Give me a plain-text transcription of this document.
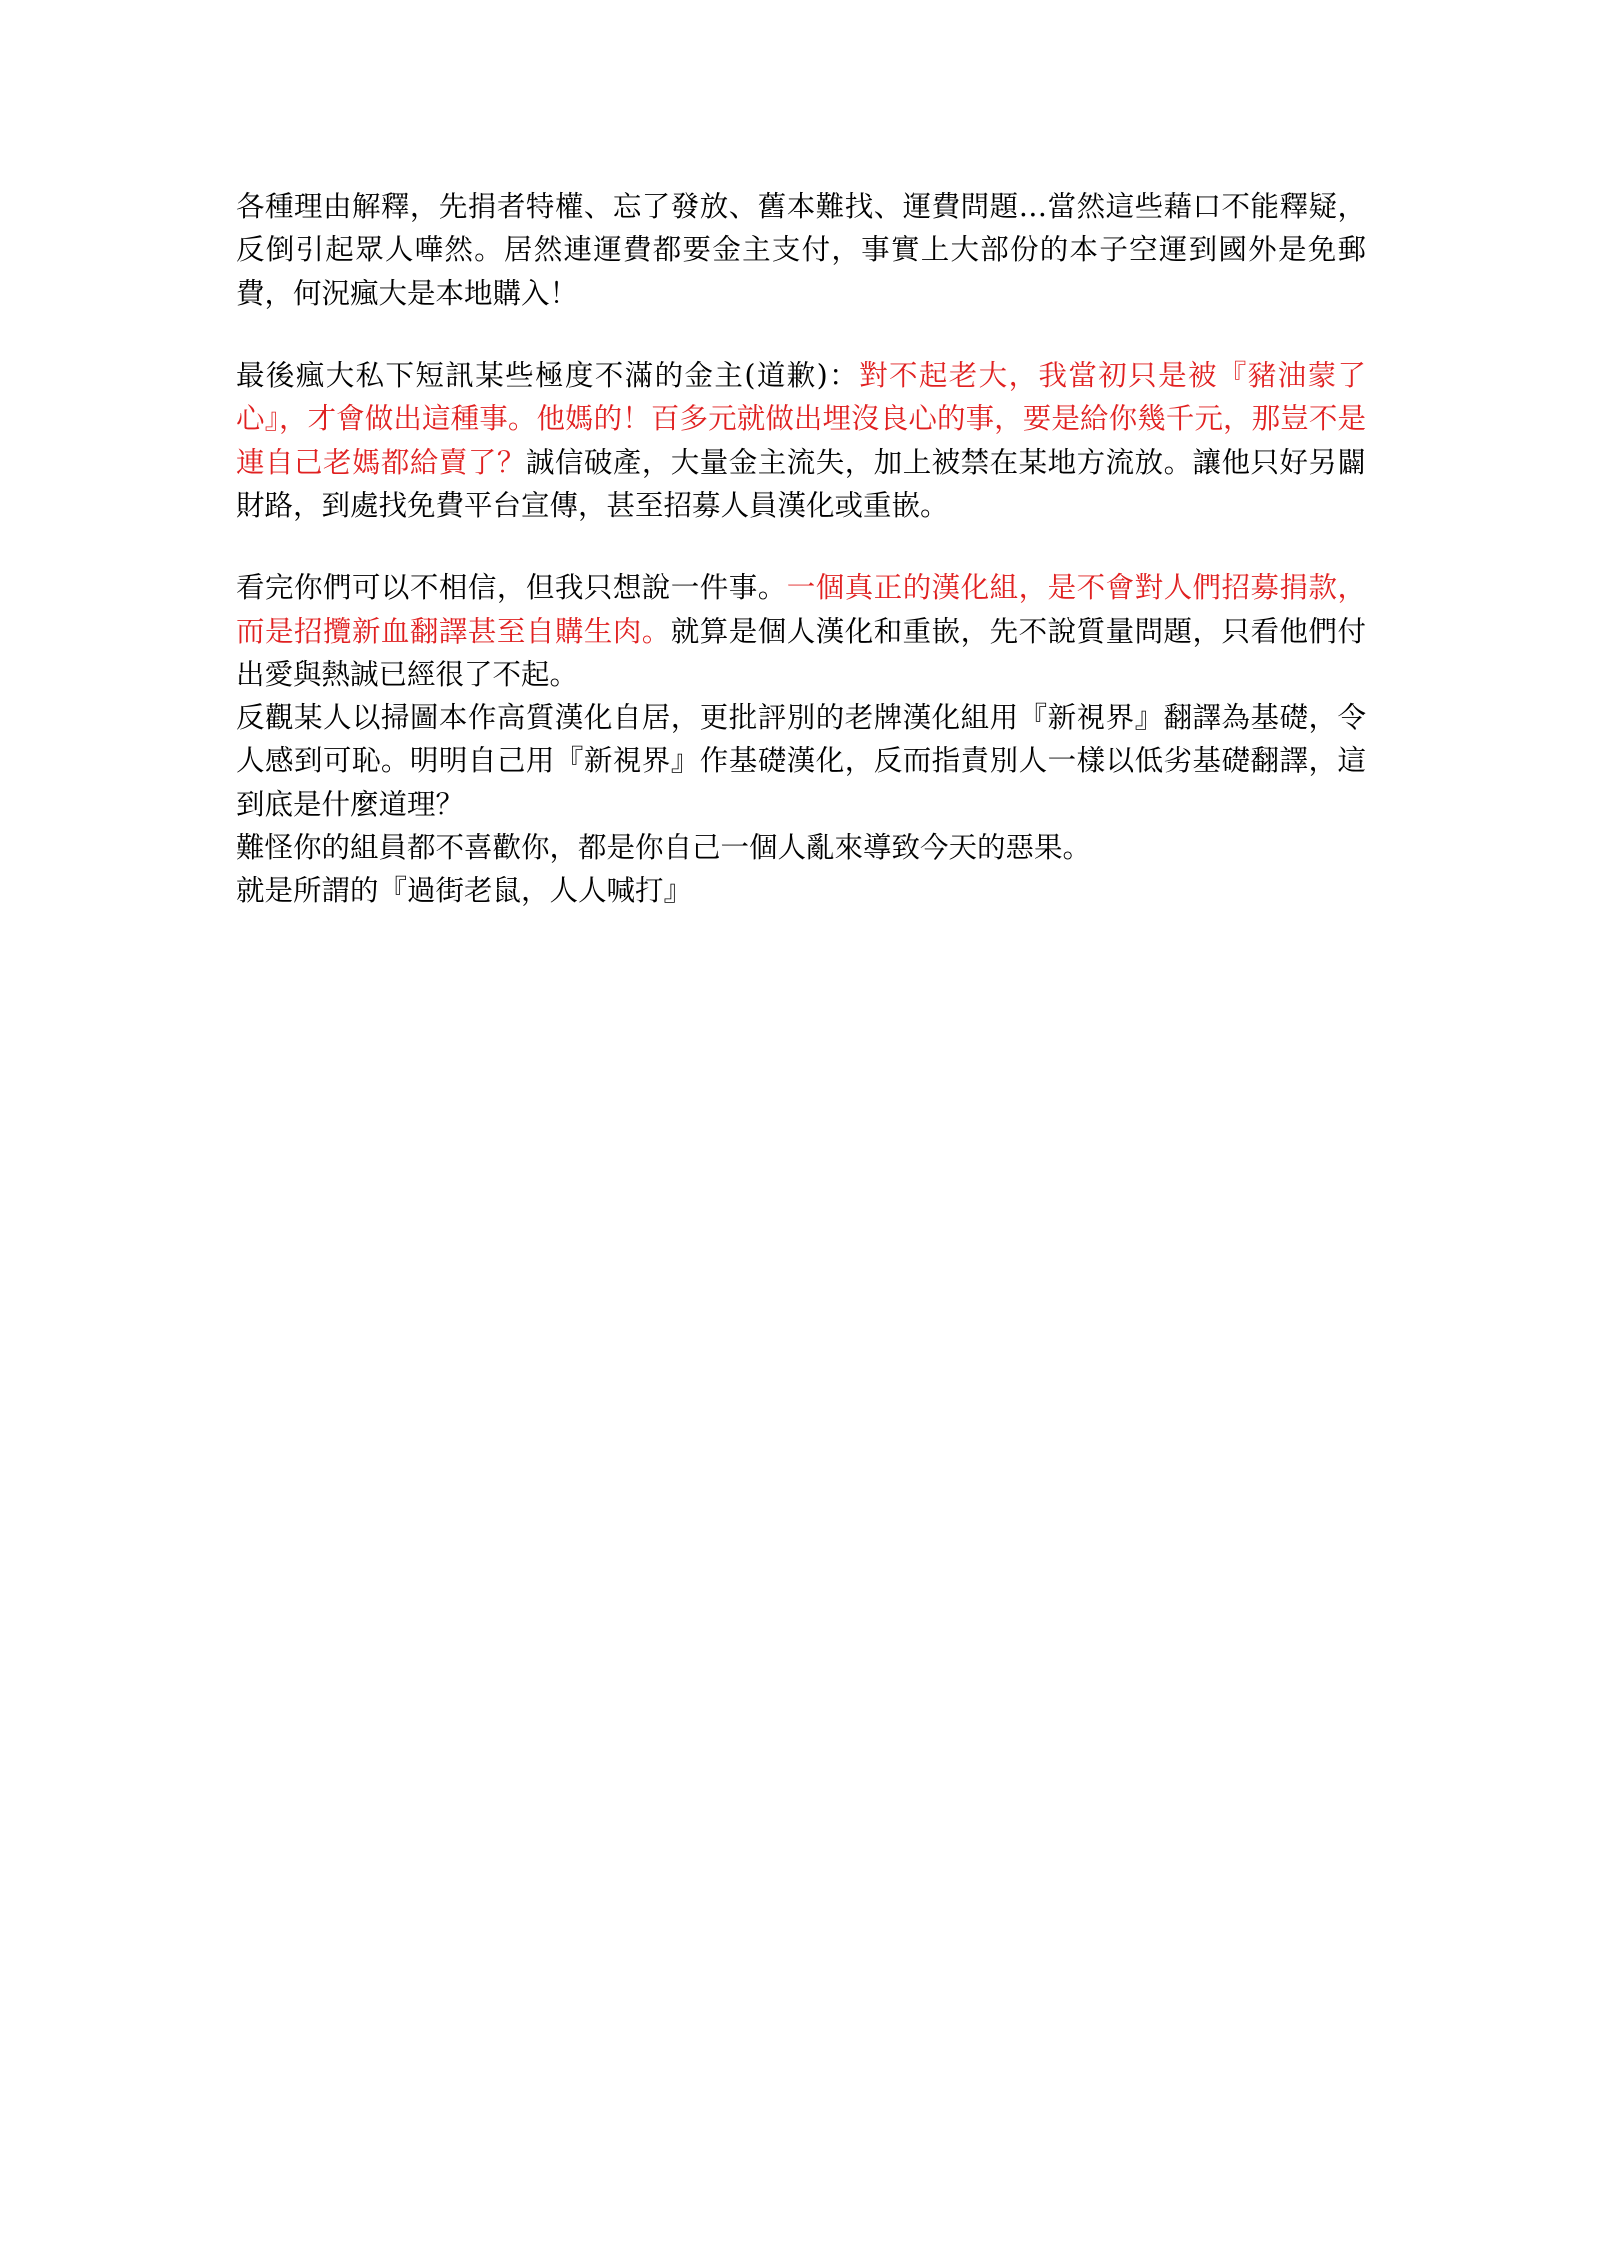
各種理由解釋，先捐者特權、忘了發放、舊本難找、運費問題…當然這些藉口不能釋疑，反倒引起眾人嘩然。居然連運費都要金主支付，事實上大部份的本子空運到國外是免郵費，何況瘋大是本地購入！
最後瘋大私下短訊某些極度不滿的金主(道歉)：對不起老大，我當初只是被『豬油蒙了心』，才會做出這種事。他媽的！百多元就做出埋沒良心的事，要是給你幾千元，那豈不是連自己老媽都給賣了？誠信破產，大量金主流失，加上被禁在某地方流放。讓他只好另闢財路，到處找免費平台宣傳，甚至招募人員漢化或重嵌。
看完你們可以不相信，但我只想說一件事。一個真正的漢化組，是不會對人們招募捐款，而是招攬新血翻譯甚至自購生肉。就算是個人漢化和重嵌，先不說質量問題，只看他們付出愛與熱誠已經很了不起。
反觀某人以掃圖本作高質漢化自居，更批評別的老牌漢化組用『新視界』翻譯為基礎，令人感到可恥。明明自己用『新視界』作基礎漢化，反而指責別人一樣以低劣基礎翻譯，這到底是什麼道理？
難怪你的組員都不喜歡你，都是你自己一個人亂來導致今天的惡果。
就是所謂的『過街老鼠，人人喊打』
